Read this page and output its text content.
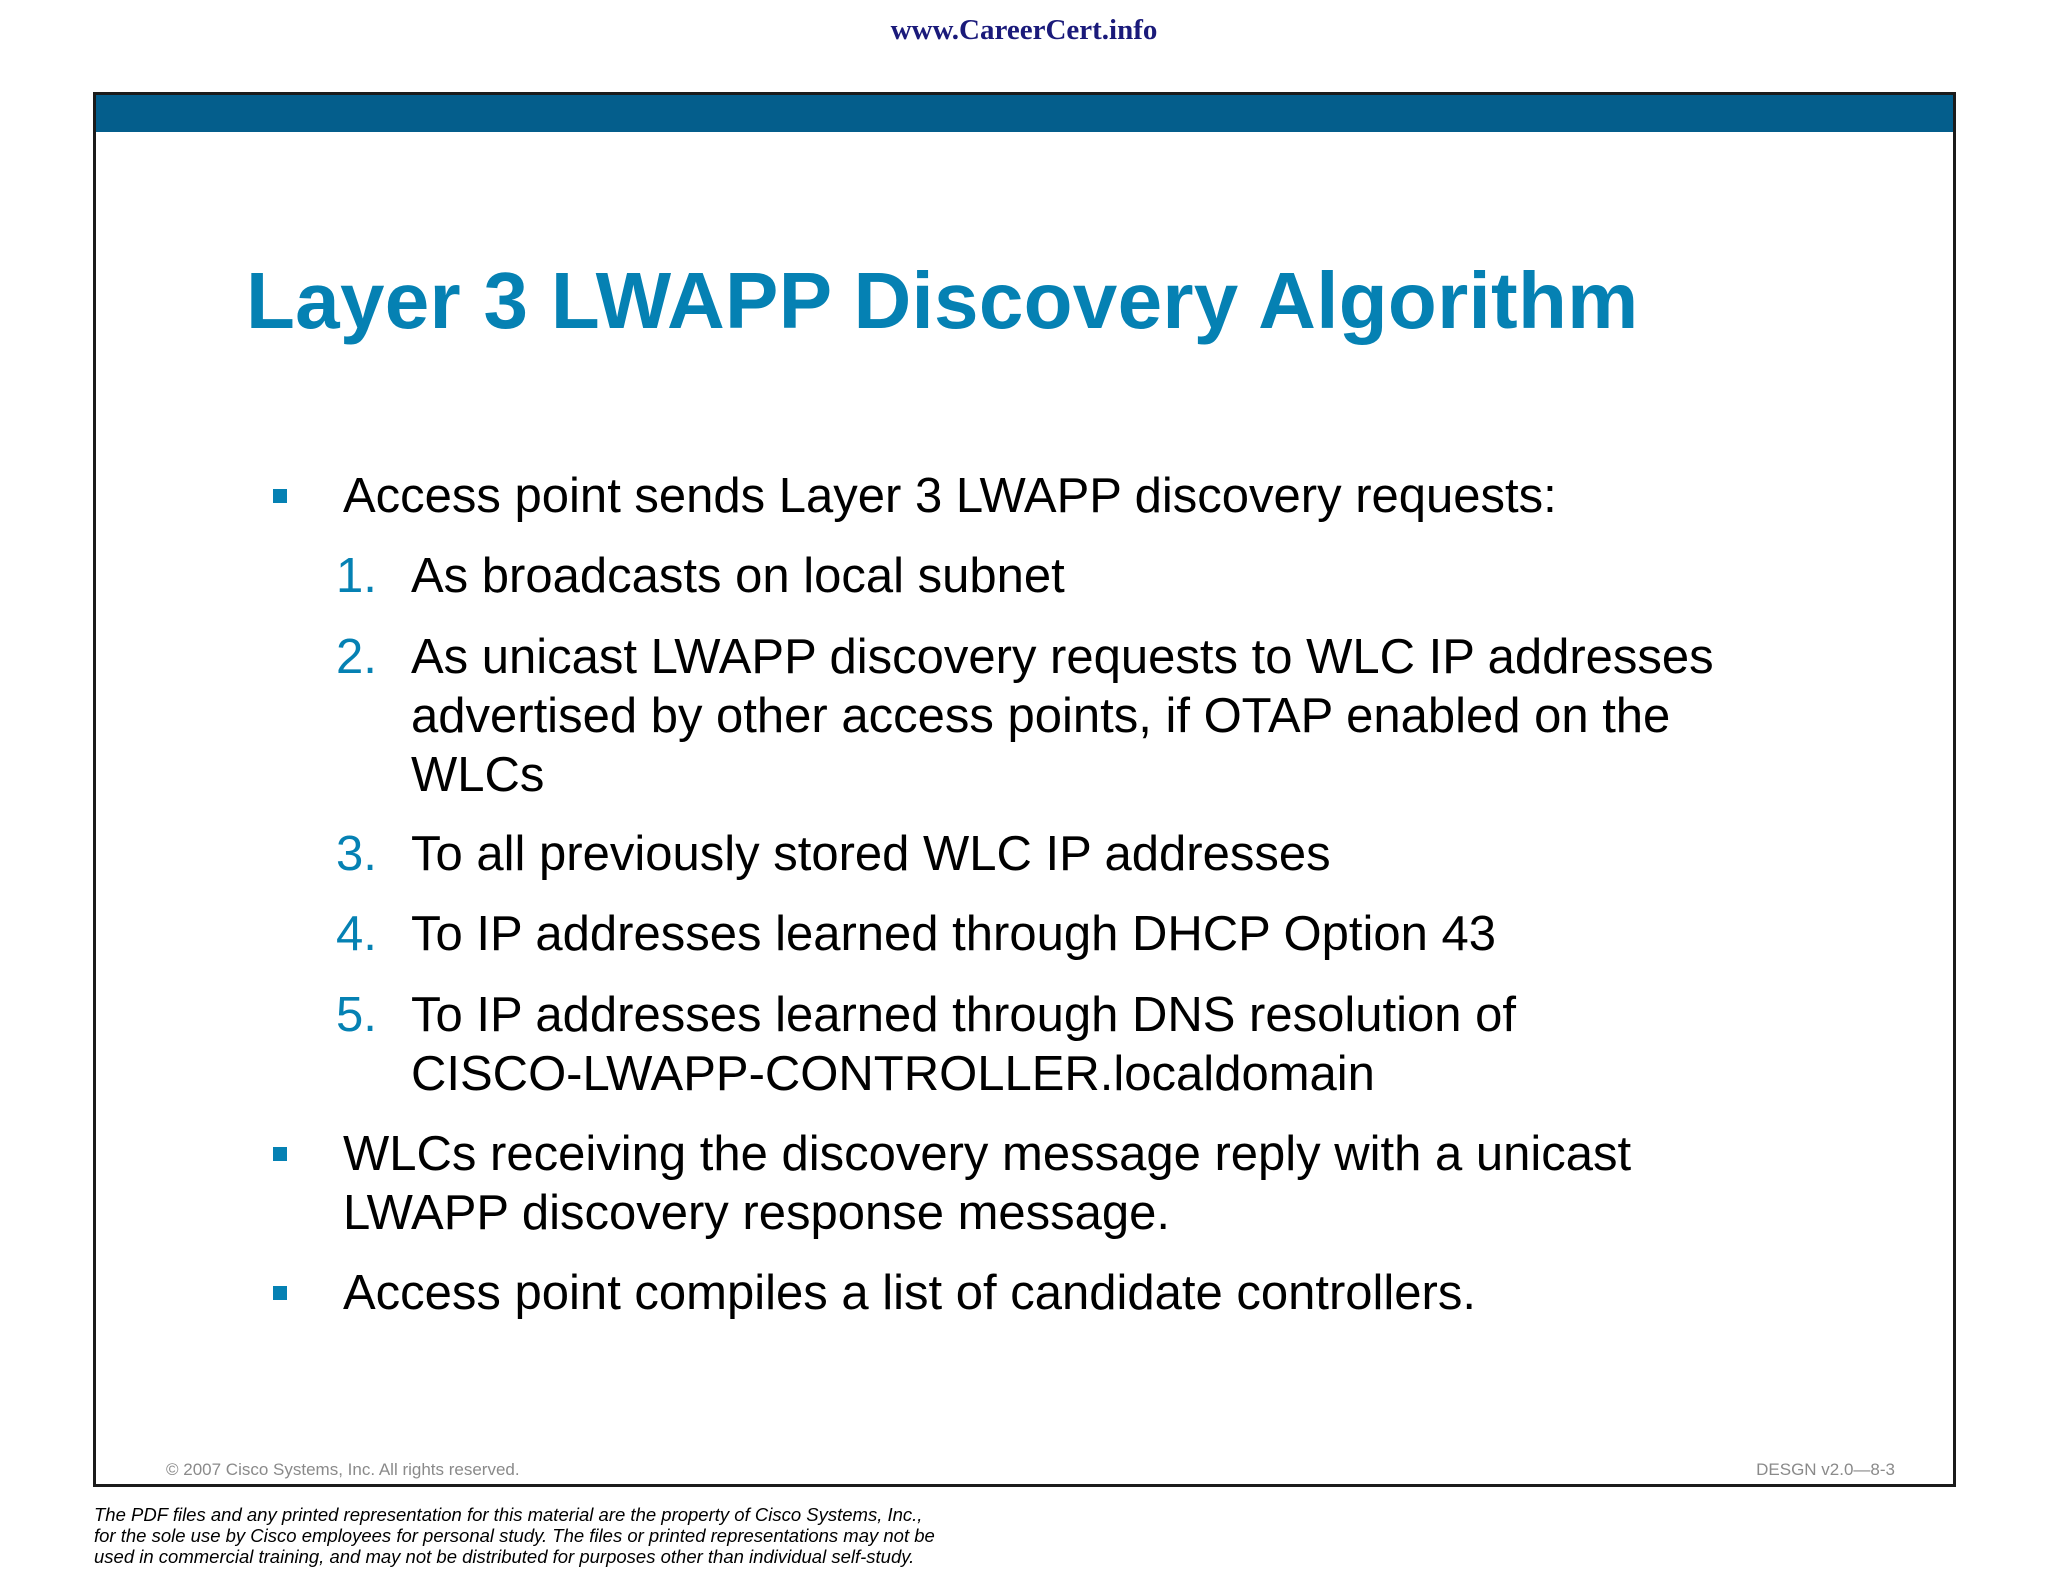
www.CareerCert.info
Layer 3 LWAPP Discovery Algorithm
Access point sends Layer 3 LWAPP discovery requests:
1. As broadcasts on local subnet
2. As unicast LWAPP discovery requests to WLC IP addresses
advertised by other access points, if OTAP enabled on the
WLCs
3. To all previously stored WLC IP addresses
4. To IP addresses learned through DHCP Option 43
5. To IP addresses learned through DNS resolution of
CISCO-LWAPP-CONTROLLER.localdomain
WLCs receiving the discovery message reply with a unicast
LWAPP discovery response message.
Access point compiles a list of candidate controllers.
© 2007 Cisco Systems, Inc. All rights reserved.	DESGN v2.0—8-3
The PDF files and any printed representation for this material are the property of Cisco Systems, Inc.,
for the sole use by Cisco employees for personal study. The files or printed representations may not be
used in commercial training, and may not be distributed for purposes other than individual self-study.
